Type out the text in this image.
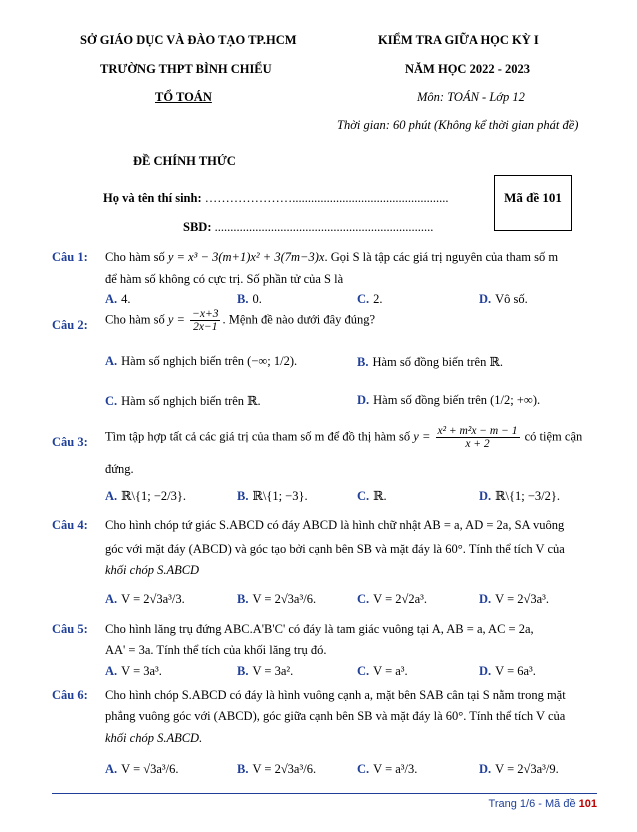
SỞ GIÁO DỤC VÀ ĐÀO TẠO TP.HCM
TRƯỜNG THPT BÌNH CHIỂU
TỔ TOÁN
KIỂM TRA GIỮA HỌC KỲ I
NĂM HỌC 2022 - 2023
Môn: TOÁN - Lớp 12
Thời gian: 60 phút (Không kể thời gian phát đề)
ĐỀ CHÍNH THỨC
Họ và tên thí sinh: …………………..................................................
SBD: ......................................................................
Mã đề 101
Câu 1: Cho hàm số y = x³ − 3(m+1)x² + 3(7m−3)x. Gọi S là tập các giá trị nguyên của tham số m
để hàm số không có cực trị. Số phần tử của S là
A. 4.	B. 0.	C. 2.	D. Vô số.
Câu 2: Cho hàm số $y = \frac{-x+3}{2x-1}$ . Mệnh đề nào dưới đây đúng?
A. Hàm số nghịch biến trên (−∞; 1/2).	B. Hàm số đồng biến trên ℝ.
C. Hàm số nghịch biến trên ℝ.	D. Hàm số đồng biến trên (1/2; +∞).
Câu 3: Tìm tập hợp tất cả các giá trị của tham số m để đồ thị hàm số $y = \frac{\text{x² + m²x − m − 1}}{x + 2}$ có tiệm cận
đứng.
A. ℝ\{1; −2/3}.	B. ℝ\{1; −3}.	C. ℝ.	D. ℝ\{1; −3/2}.
Câu 4: Cho hình chóp tứ giác S.ABCD có đáy ABCD là hình chữ nhật AB = a, AD = 2a, SA vuông
góc với mặt đáy (ABCD) và góc tạo bởi cạnh bên SB và mặt đáy là 60°. Tính thể tích V của
khối chóp S.ABCD
A. V = 2√3a³/3.	B. V = 2√3a³/6.	C. V = 2√2a³.	D. V = 2√3a³.
Câu 5: Cho hình lăng trụ đứng ABC.A'B'C' có đáy là tam giác vuông tại A, AB = a, AC = 2a,
AA' = 3a. Tính thể tích của khối lăng trụ đó.
A. V = 3a³.	B. V = 3a².	C. V = a³.	D. V = 6a³.
Câu 6: Cho hình chóp S.ABCD có đáy là hình vuông cạnh a, mặt bên SAB cân tại S nằm trong mặt
phẳng vuông góc với (ABCD), góc giữa cạnh bên SB và mặt đáy là 60°. Tính thể tích V của
khối chóp S.ABCD.
A. V = √3a³/6.	B. V = 2√3a³/6.	C. V = a³/3.	D. V = 2√3a³/9.
Trang 1/6 - Mã đề 101
